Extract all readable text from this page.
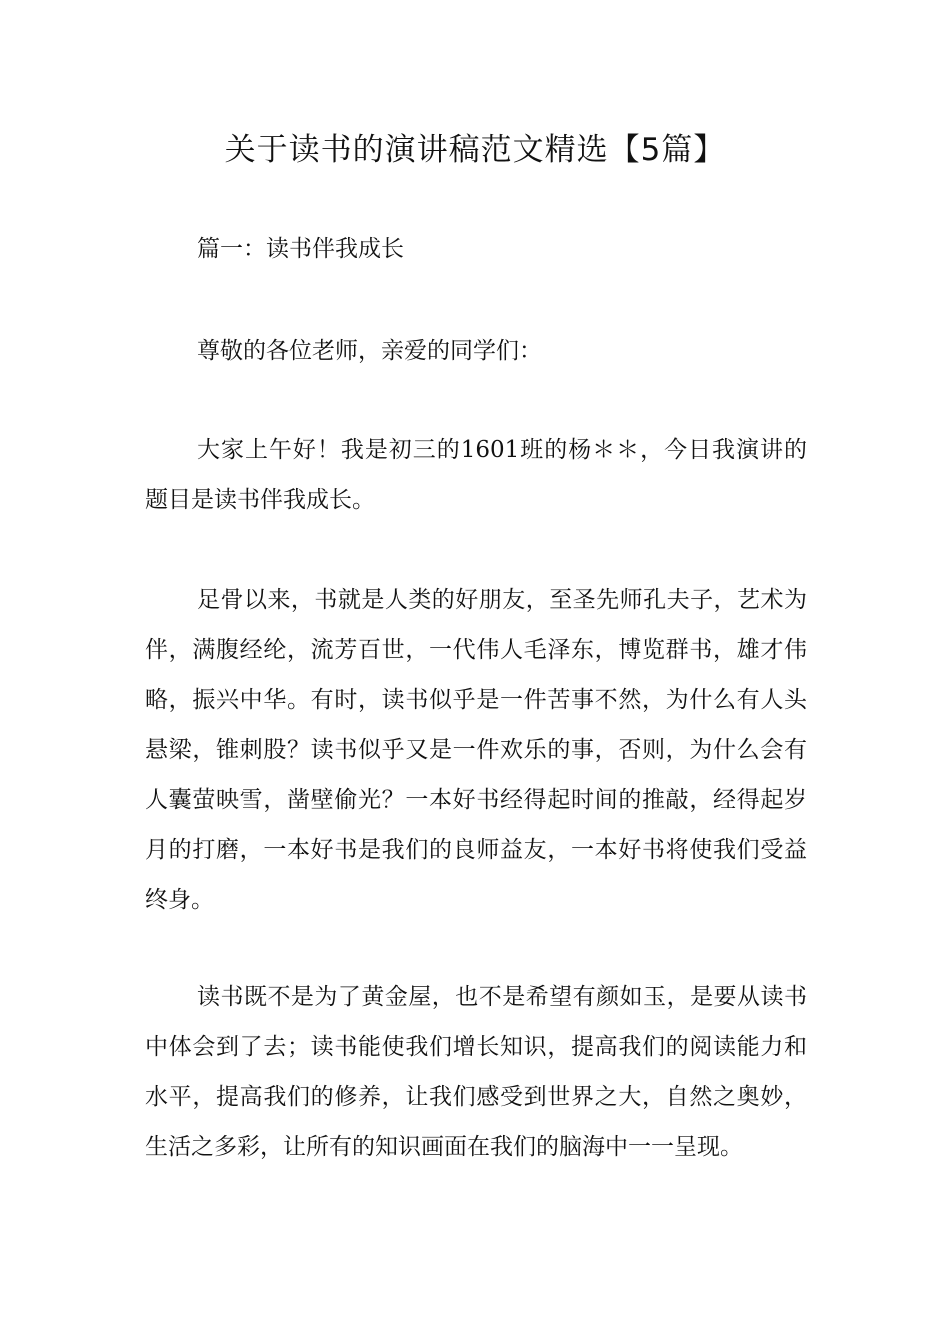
关于读书的演讲稿范文精选【5篇】

篇一：读书伴我成长

尊敬的各位老师，亲爱的同学们：

大家上午好！我是初三的1601班的杨＊＊，今日我演讲的题目是读书伴我成长。

足骨以来，书就是人类的好朋友，至圣先师孔夫子，艺术为伴，满腹经纶，流芳百世，一代伟人毛泽东，博览群书，雄才伟略，振兴中华。有时，读书似乎是一件苦事不然，为什么有人头悬梁，锥刺股？读书似乎又是一件欢乐的事，否则，为什么会有人囊萤映雪，凿壁偷光？一本好书经得起时间的推敲，经得起岁月的打磨，一本好书是我们的良师益友，一本好书将使我们受益终身。

读书既不是为了黄金屋，也不是希望有颜如玉，是要从读书中体会到了去；读书能使我们增长知识，提高我们的阅读能力和水平，提高我们的修养，让我们感受到世界之大，自然之奥妙，生活之多彩，让所有的知识画面在我们的脑海中一一呈现。
